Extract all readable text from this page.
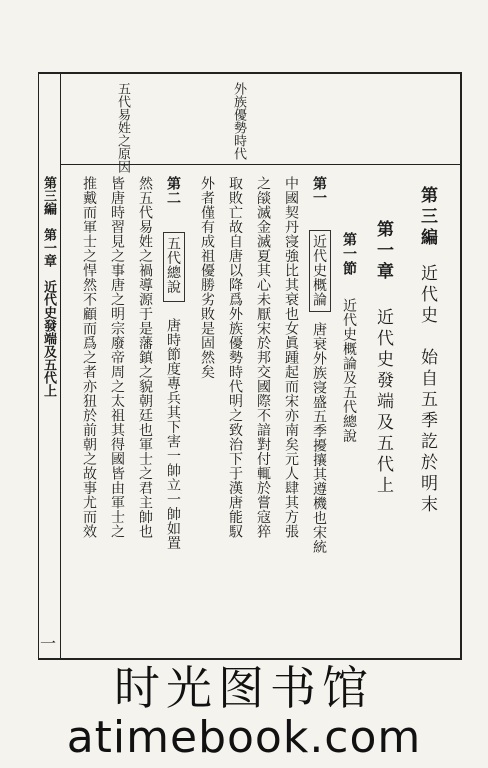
外族優勢時代
五代易姓之原因
第三編
近代史　始自五季訖於明末
第一章
近代史發端及五代上
第一節
近代史概論及五代總說
第一
近代史概論
唐衰外族寖盛五季擾攘其遵機也宋統
中國契丹寖強比其衰也女眞踵起而宋亦南矣元人肆其方張
之燄滅金滅夏其心未厭宋於邦交國際不諳對付輒於嘗寇猝
取敗亡故自唐以降爲外族優勢時代明之致治下于漢唐能馭
外者僅有成祖優勝劣敗是固然矣
第二
五代總說
唐時節度專兵其下害一帥立一帥如置
然五代易姓之禍導源于是藩鎮之貌朝廷也軍士之君主帥也
皆唐時習見之事唐之明宗廢帝周之太祖其得國皆由軍士之
推戴而軍士之悍然不顧而爲之者亦狃於前朝之故事尤而效
第三編　第一章　近代史發端及五代上
一
时光图书馆
atimebook.com
